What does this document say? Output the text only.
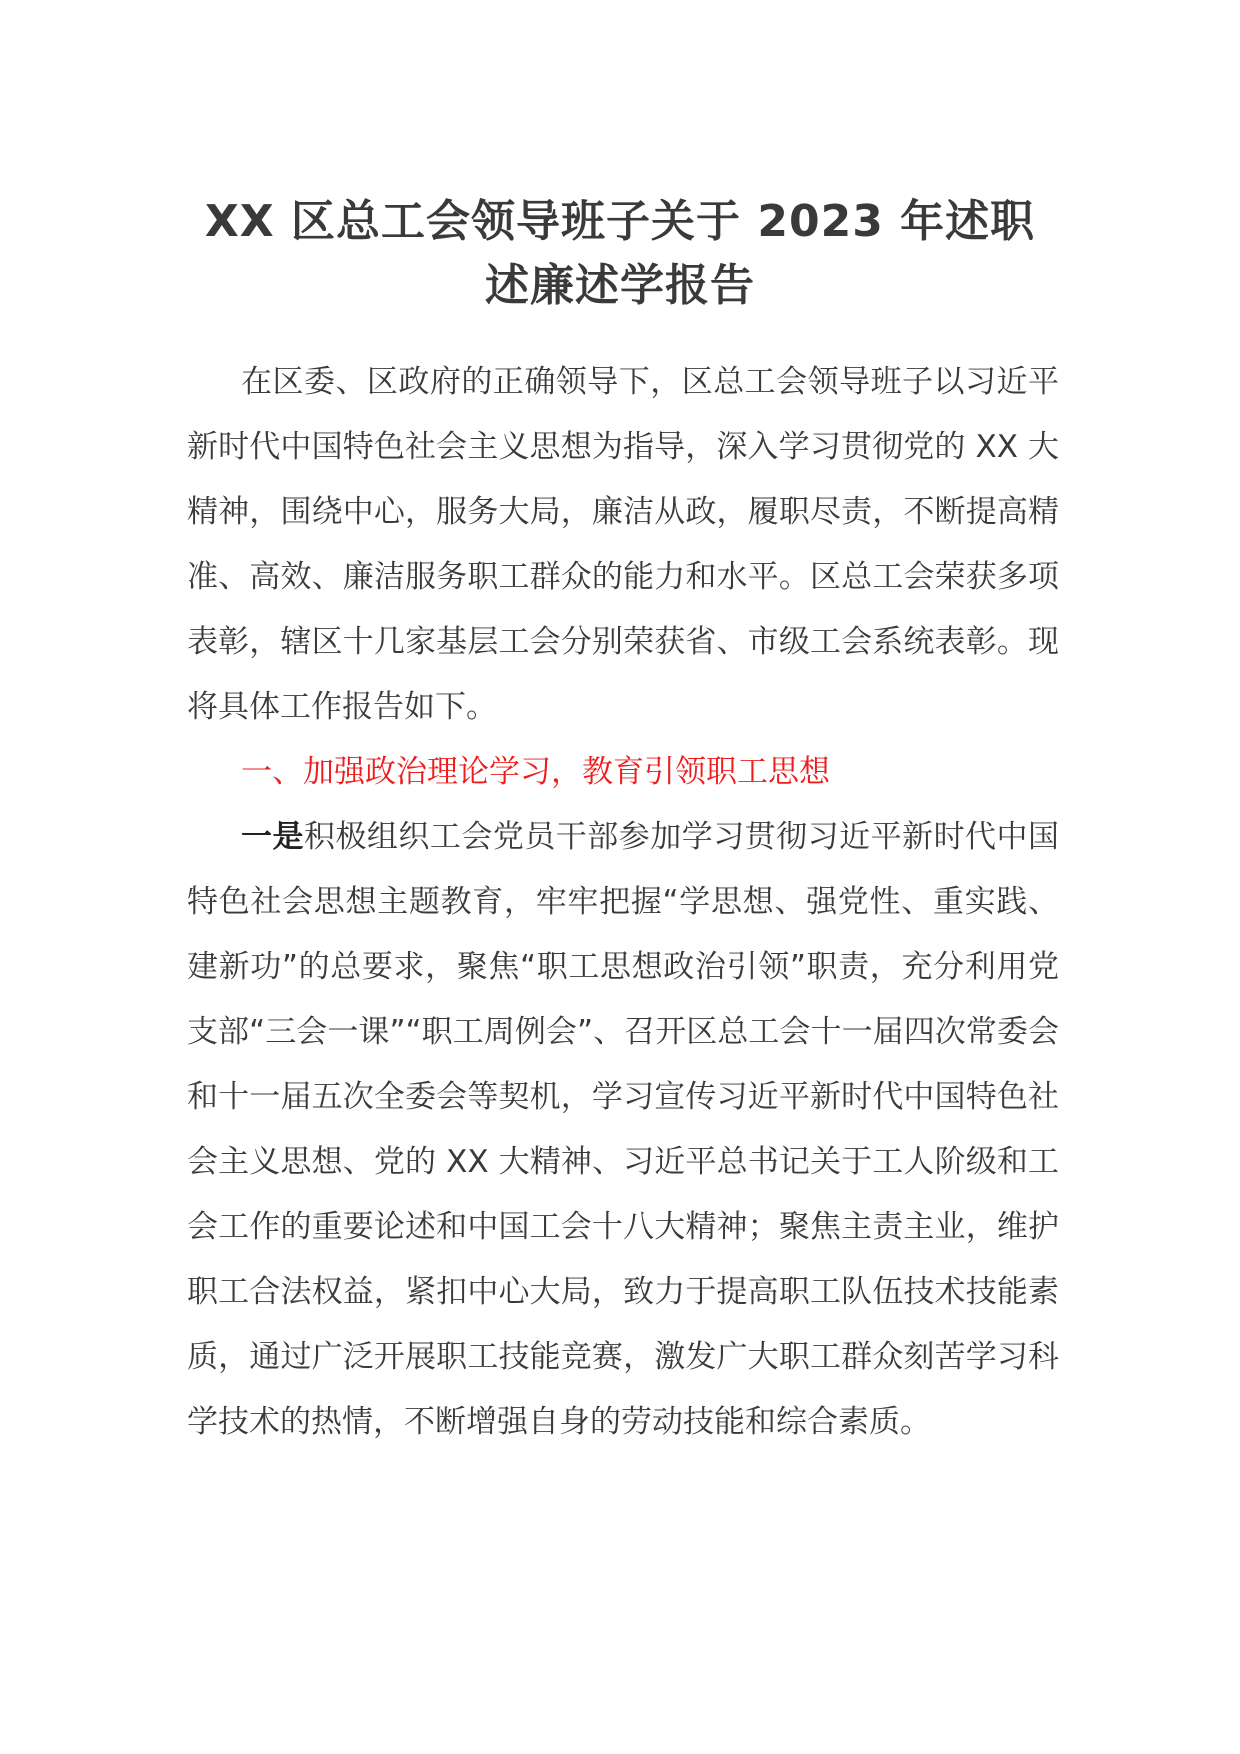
XX 区总工会领导班子关于 2023 年述职
述廉述学报告

在区委、区政府的正确领导下，区总工会领导班子以习近平新时代中国特色社会主义思想为指导，深入学习贯彻党的 XX 大精神，围绕中心，服务大局，廉洁从政，履职尽责，不断提高精准、高效、廉洁服务职工群众的能力和水平。区总工会荣获多项表彰，辖区十几家基层工会分别荣获省、市级工会系统表彰。现将具体工作报告如下。

一、加强政治理论学习，教育引领职工思想

一是积极组织工会党员干部参加学习贯彻习近平新时代中国特色社会思想主题教育，牢牢把握“学思想、强党性、重实践、建新功”的总要求，聚焦“职工思想政治引领”职责，充分利用党支部“三会一课”“职工周例会”、召开区总工会十一届四次常委会和十一届五次全委会等契机，学习宣传习近平新时代中国特色社会主义思想、党的 XX 大精神、习近平总书记关于工人阶级和工会工作的重要论述和中国工会十八大精神；聚焦主责主业，维护职工合法权益，紧扣中心大局，致力于提高职工队伍技术技能素质，通过广泛开展职工技能竞赛，激发广大职工群众刻苦学习科学技术的热情，不断增强自身的劳动技能和综合素质。
